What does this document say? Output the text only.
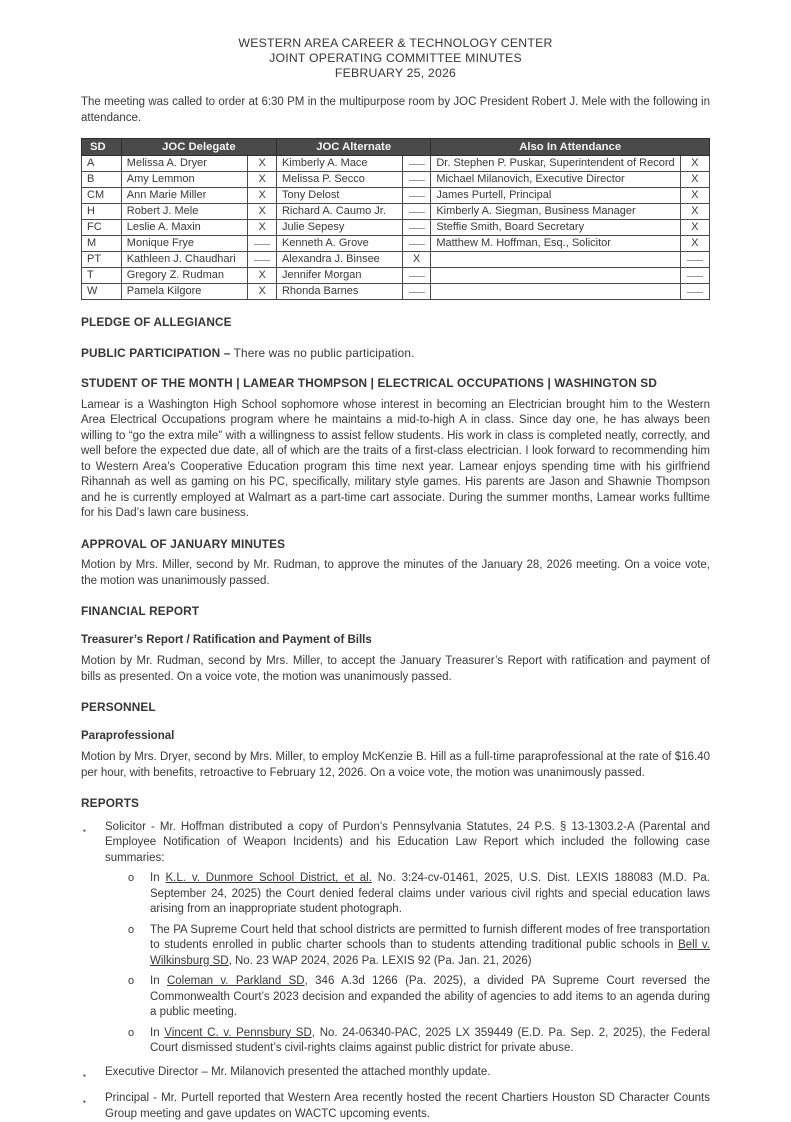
WESTERN AREA CAREER & TECHNOLOGY CENTER
JOINT OPERATING COMMITTEE MINUTES
FEBRUARY 25, 2026

The meeting was called to order at 6:30 PM in the multipurpose room by JOC President Robert J. Mele with the following in attendance.

SD	JOC Delegate		JOC Alternate		Also In Attendance	
A	Melissa A. Dryer	X	Kimberly A. Mace		Dr. Stephen P. Puskar, Superintendent of Record	X
B	Amy Lemmon	X	Melissa P. Secco		Michael Milanovich, Executive Director	X
CM	Ann Marie Miller	X	Tony Delost		James Purtell, Principal	X
H	Robert J. Mele	X	Richard A. Caumo Jr.		Kimberly A. Siegman, Business Manager	X
FC	Leslie A. Maxin	X	Julie Sepesy		Steffie Smith, Board Secretary	X
M	Monique Frye		Kenneth A. Grove		Matthew M. Hoffman, Esq., Solicitor	X
PT	Kathleen J. Chaudhari		Alexandra J. Binsee	X		
T	Gregory Z. Rudman	X	Jennifer Morgan			
W	Pamela Kilgore	X	Rhonda Barnes			
PLEDGE OF ALLEGIANCE
PUBLIC PARTICIPATION – There was no public participation.
STUDENT OF THE MONTH | LAMEAR THOMPSON | ELECTRICAL OCCUPATIONS | WASHINGTON SD

Lamear is a Washington High School sophomore whose interest in becoming an Electrician brought him to the Western Area Electrical Occupations program where he maintains a mid-to-high A in class. Since day one, he has always been willing to “go the extra mile” with a willingness to assist fellow students. His work in class is completed neatly, correctly, and well before the expected due date, all of which are the traits of a first-class electrician. I look forward to recommending him to Western Area’s Cooperative Education program this time next year. Lamear enjoys spending time with his girlfriend Rihannah as well as gaming on his PC, specifically, military style games. His parents are Jason and Shawnie Thompson and he is currently employed at Walmart as a part-time cart associate. During the summer months, Lamear works fulltime for his Dad’s lawn care business.

APPROVAL OF JANUARY MINUTES

Motion by Mrs. Miller, second by Mr. Rudman, to approve the minutes of the January 28, 2026 meeting. On a voice vote, the motion was unanimously passed.

FINANCIAL REPORT
Treasurer’s Report / Ratification and Payment of Bills

Motion by Mr. Rudman, second by Mrs. Miller, to accept the January Treasurer’s Report with ratification and payment of bills as presented. On a voice vote, the motion was unanimously passed.

PERSONNEL
Paraprofessional

Motion by Mrs. Dryer, second by Mrs. Miller, to employ McKenzie B. Hill as a full-time paraprofessional at the rate of $16.40 per hour, with benefits, retroactive to February 12, 2026. On a voice vote, the motion was unanimously passed.

REPORTS
▪	Solicitor - Mr. Hoffman distributed a copy of Purdon’s Pennsylvania Statutes, 24 P.S. § 13-1303.2-A (Parental and Employee Notification of Weapon Incidents) and his Education Law Report which included the following case summaries:

o	In K.L. v. Dunmore School District, et al. No. 3:24-cv-01461, 2025, U.S. Dist. LEXIS 188083 (M.D. Pa. September 24, 2025) the Court denied federal claims under various civil rights and special education laws arising from an inappropriate student photograph.

o	The PA Supreme Court held that school districts are permitted to furnish different modes of free transportation to students enrolled in public charter schools than to students attending traditional public schools in Bell v. Wilkinsburg SD, No. 23 WAP 2024, 2026 Pa. LEXIS 92 (Pa. Jan. 21, 2026)

o	In Coleman v. Parkland SD, 346 A.3d 1266 (Pa. 2025), a divided PA Supreme Court reversed the Commonwealth Court’s 2023 decision and expanded the ability of agencies to add items to an agenda during a public meeting.

o	In Vincent C. v. Pennsbury SD, No. 24-06340-PAC, 2025 LX 359449 (E.D. Pa. Sep. 2, 2025), the Federal Court dismissed student’s civil-rights claims against public district for private abuse.

▪	Executive Director – Mr. Milanovich presented the attached monthly update.

▪	Principal - Mr. Purtell reported that Western Area recently hosted the recent Chartiers Houston SD Character Counts Group meeting and gave updates on WACTC upcoming events.
